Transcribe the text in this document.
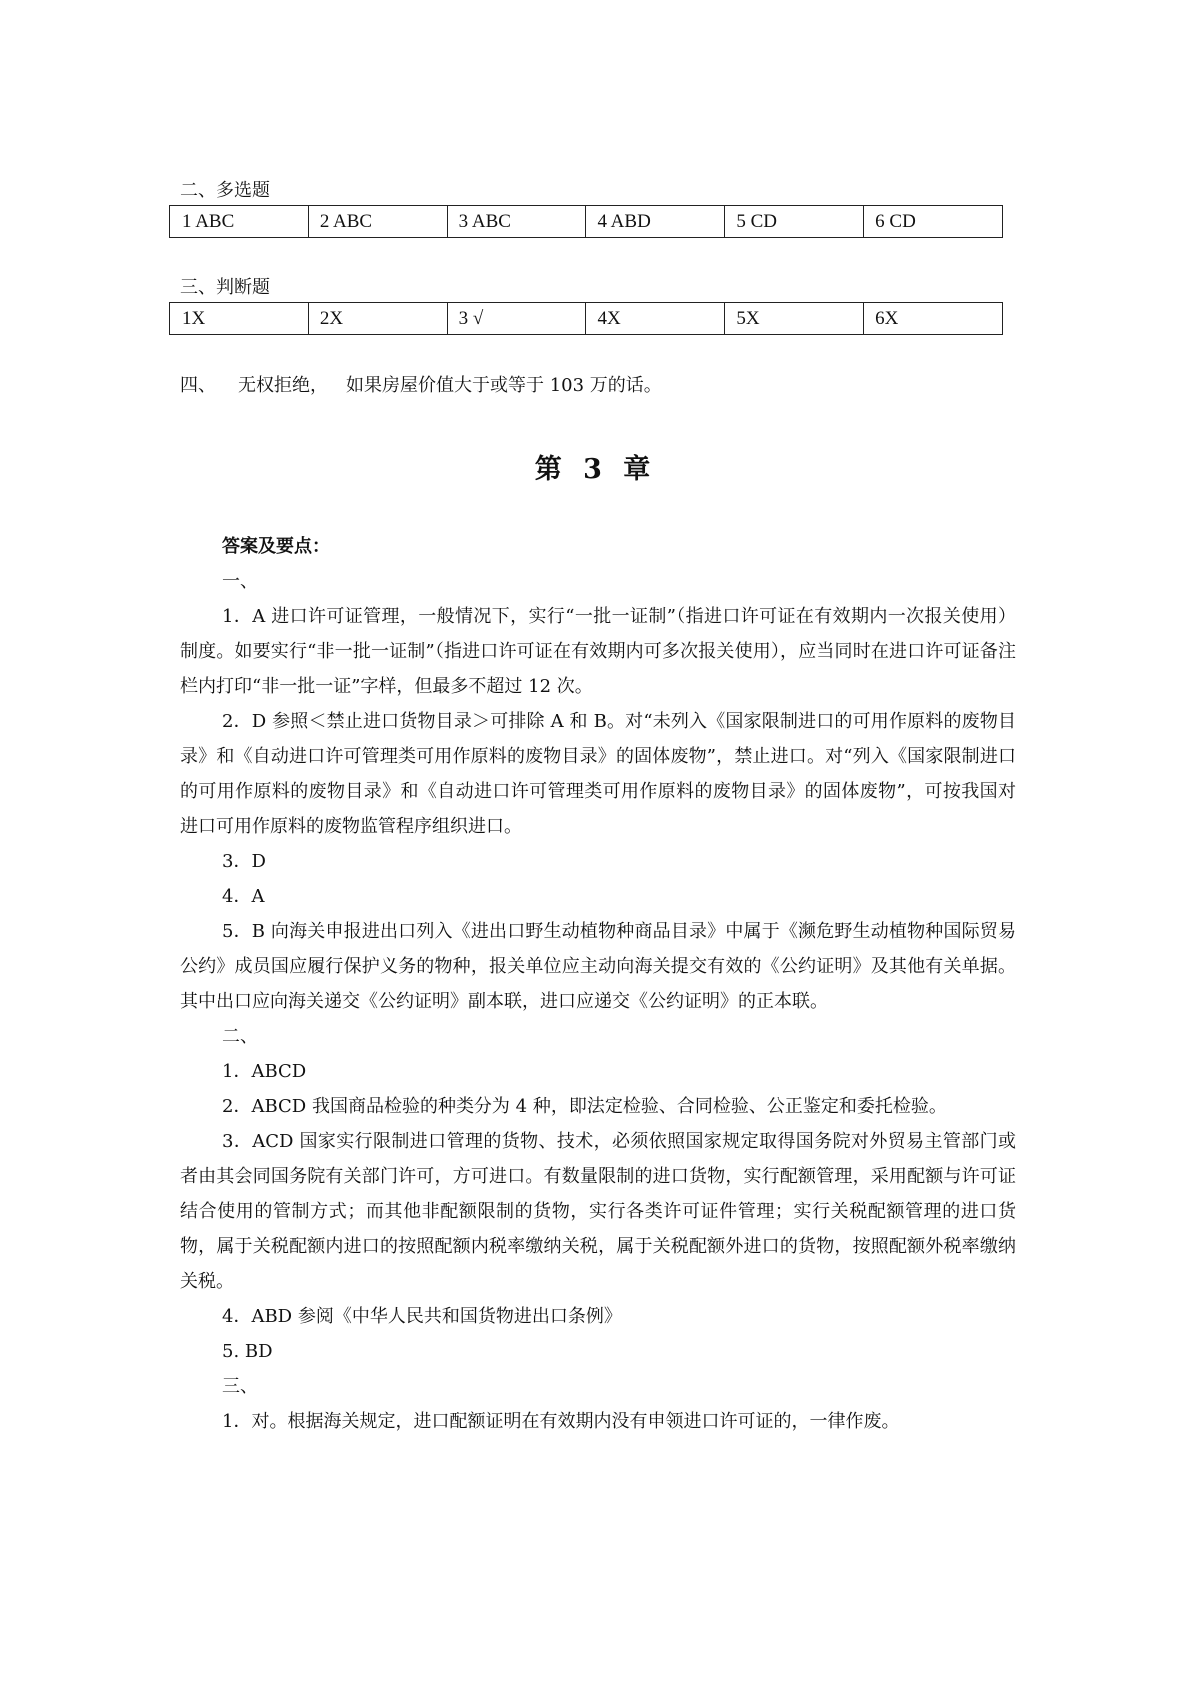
二、多选题
1 ABC	2 ABC	3 ABC	4 ABD	5 CD	6 CD
三、判断题
1X	2X	3 √	4X	5X	6X
四、 无权拒绝， 如果房屋价值大于或等于 103 万的话。
第 3 章

答案及要点：

一、

1．A 进口许可证管理，一般情况下，实行“一批一证制”（指进口许可证在有效期内一次报关使用）制度。如要实行“非一批一证制”（指进口许可证在有效期内可多次报关使用），应当同时在进口许可证备注栏内打印“非一批一证”字样，但最多不超过 12 次。

2．D 参照＜禁止进口货物目录＞可排除 A 和 B。对“未列入《国家限制进口的可用作原料的废物目录》和《自动进口许可管理类可用作原料的废物目录》的固体废物”，禁止进口。对“列入《国家限制进口的可用作原料的废物目录》和《自动进口许可管理类可用作原料的废物目录》的固体废物”，可按我国对进口可用作原料的废物监管程序组织进口。

3．D

4．A

5．B 向海关申报进出口列入《进出口野生动植物种商品目录》中属于《濒危野生动植物种国际贸易公约》成员国应履行保护义务的物种，报关单位应主动向海关提交有效的《公约证明》及其他有关单据。其中出口应向海关递交《公约证明》副本联，进口应递交《公约证明》的正本联。

二、

1．ABCD

2．ABCD 我国商品检验的种类分为 4 种，即法定检验、合同检验、公正鉴定和委托检验。

3．ACD 国家实行限制进口管理的货物、技术，必须依照国家规定取得国务院对外贸易主管部门或者由其会同国务院有关部门许可，方可进口。有数量限制的进口货物，实行配额管理，采用配额与许可证结合使用的管制方式；而其他非配额限制的货物，实行各类许可证件管理；实行关税配额管理的进口货物，属于关税配额内进口的按照配额内税率缴纳关税，属于关税配额外进口的货物，按照配额外税率缴纳关税。

4．ABD 参阅《中华人民共和国货物进出口条例》

5. BD

三、

1．对。根据海关规定，进口配额证明在有效期内没有申领进口许可证的，一律作废。
